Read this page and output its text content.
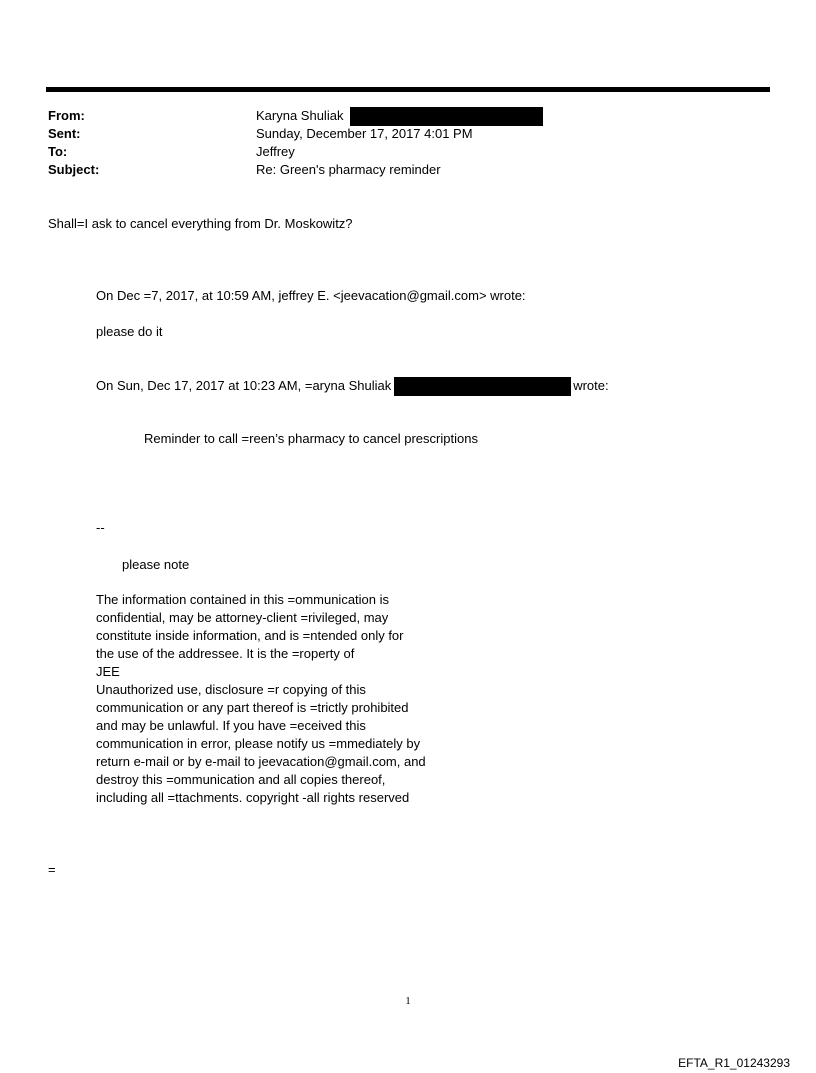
From:	Karyna Shuliak
Sent:	Sunday, December 17, 2017 4:01 PM
To:	Jeffrey
Subject:	Re: Green's pharmacy reminder
Shall=I ask to cancel everything from Dr. Moskowitz?
On Dec =7, 2017, at 10:59 AM, jeffrey E. <jeevacation@gmail.com> wrote:
please do it
On Sun, Dec 17, 2017 at 10:23 AM, =aryna Shuliak	wrote:
Reminder to call =reen’s pharmacy to cancel prescriptions
--
please note
The information contained in this =ommunication is
confidential, may be attorney-client =rivileged, may
constitute inside information, and is =ntended only for
the use of the addressee. It is the =roperty of
JEE
Unauthorized use, disclosure =r copying of this
communication or any part thereof is =trictly prohibited
and may be unlawful. If you have =eceived this
communication in error, please notify us =mmediately by
return e-mail or by e-mail to jeevacation@gmail.com, and
destroy this =ommunication and all copies thereof,
including all =ttachments. copyright -all rights reserved
=
1
EFTA_R1_01243293
